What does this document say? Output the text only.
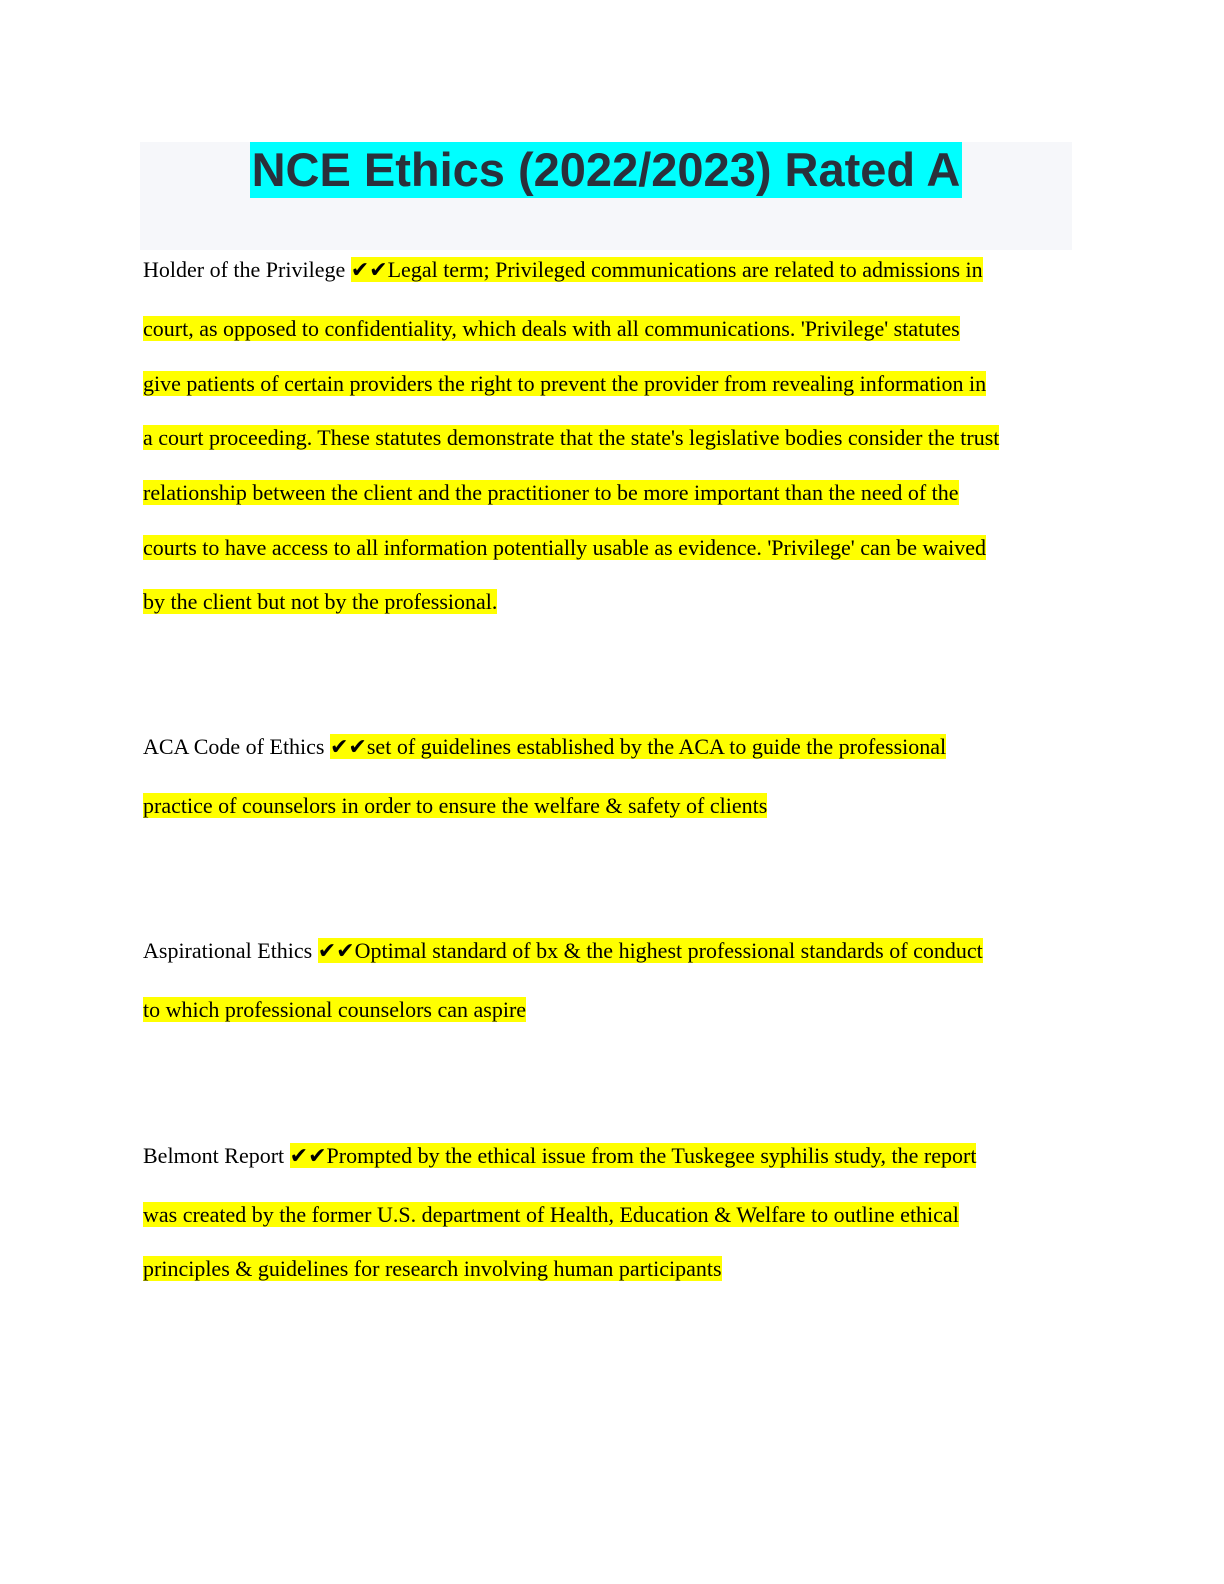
NCE Ethics (2022/2023) Rated A
Holder of the Privilege ✔✔Legal term; Privileged communications are related to admissions in
court, as opposed to confidentiality, which deals with all communications. 'Privilege' statutes
give patients of certain providers the right to prevent the provider from revealing information in
a court proceeding. These statutes demonstrate that the state's legislative bodies consider the trust
relationship between the client and the practitioner to be more important than the need of the
courts to have access to all information potentially usable as evidence. 'Privilege' can be waived
by the client but not by the professional.
ACA Code of Ethics ✔✔set of guidelines established by the ACA to guide the professional
practice of counselors in order to ensure the welfare & safety of clients
Aspirational Ethics ✔✔Optimal standard of bx & the highest professional standards of conduct
to which professional counselors can aspire
Belmont Report ✔✔Prompted by the ethical issue from the Tuskegee syphilis study, the report
was created by the former U.S. department of Health, Education & Welfare to outline ethical
principles & guidelines for research involving human participants
